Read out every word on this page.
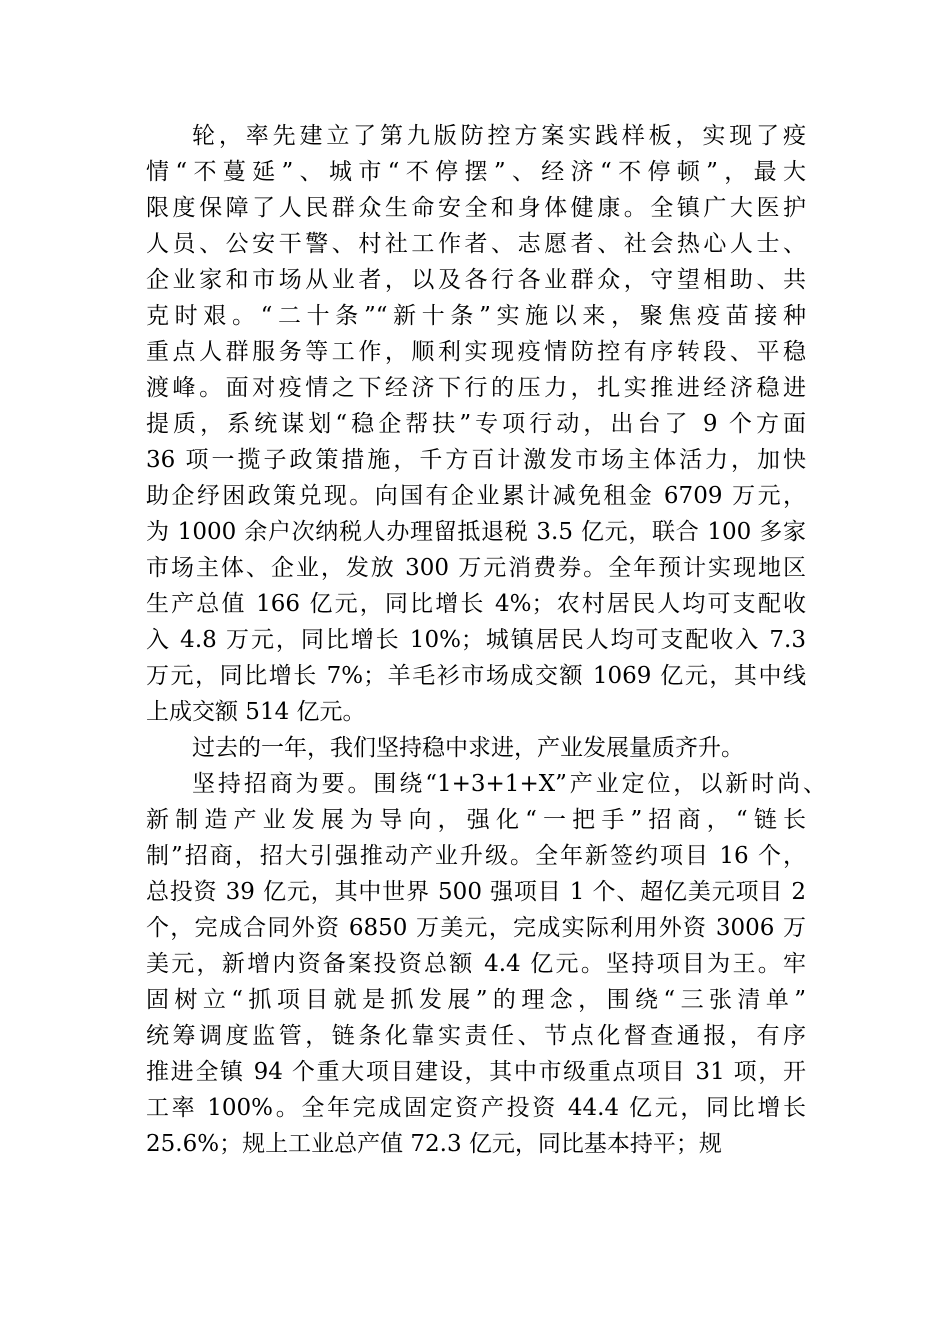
轮，率先建立了第九版防控方案实践样板，实现了疫
情“不蔓延”、城市“不停摆”、经济“不停顿”，最大
限度保障了人民群众生命安全和身体健康。全镇广大医护
人员、公安干警、村社工作者、志愿者、社会热心人士、
企业家和市场从业者，以及各行各业群众，守望相助、共
克时艰。“二十条”“新十条”实施以来，聚焦疫苗接种
重点人群服务等工作，顺利实现疫情防控有序转段、平稳
渡峰。面对疫情之下经济下行的压力，扎实推进经济稳进
提质，系统谋划“稳企帮扶”专项行动，出台了 9 个方面
36 项一揽子政策措施，千方百计激发市场主体活力，加快
助企纾困政策兑现。向国有企业累计减免租金 6709 万元，
为 1000 余户次纳税人办理留抵退税 3.5 亿元，联合 100 多家
市场主体、企业，发放 300 万元消费券。全年预计实现地区
生产总值 166 亿元，同比增长 4%；农村居民人均可支配收
入 4.8 万元，同比增长 10%；城镇居民人均可支配收入 7.3
万元，同比增长 7%；羊毛衫市场成交额 1069 亿元，其中线
上成交额 514 亿元。
过去的一年，我们坚持稳中求进，产业发展量质齐升。
坚持招商为要。围绕“1+3+1+X”产业定位，以新时尚、
新制造产业发展为导向，强化“一把手”招商，“链长
制”招商，招大引强推动产业升级。全年新签约项目 16 个，
总投资 39 亿元，其中世界 500 强项目 1 个、超亿美元项目 2
个，完成合同外资 6850 万美元，完成实际利用外资 3006 万
美元，新增内资备案投资总额 4.4 亿元。坚持项目为王。牢
固树立“抓项目就是抓发展”的理念，围绕“三张清单”
统筹调度监管，链条化靠实责任、节点化督查通报，有序
推进全镇 94 个重大项目建设，其中市级重点项目 31 项，开
工率 100%。全年完成固定资产投资 44.4 亿元，同比增长
25.6%；规上工业总产值 72.3 亿元，同比基本持平；规
